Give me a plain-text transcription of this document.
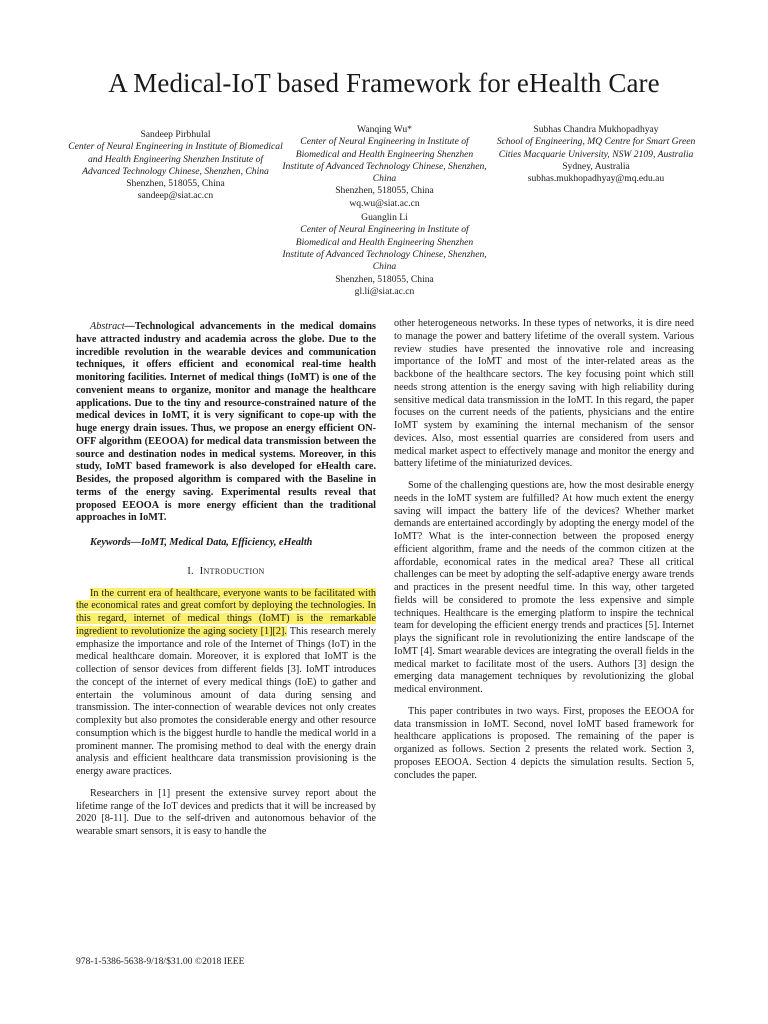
A Medical-IoT based Framework for eHealth Care
Sandeep Pirbhulal
Center of Neural Engineering in Institute of Biomedical and Health Engineering Shenzhen Institute of Advanced Technology Chinese, Shenzhen, China
Shenzhen, 518055, China
sandeep@siat.ac.cn
Wanqing Wu*
Center of Neural Engineering in Institute of Biomedical and Health Engineering Shenzhen Institute of Advanced Technology Chinese, Shenzhen, China
Shenzhen, 518055, China
wq.wu@siat.ac.cn
Guanglin Li
Center of Neural Engineering in Institute of Biomedical and Health Engineering Shenzhen Institute of Advanced Technology Chinese, Shenzhen, China
Shenzhen, 518055, China
gl.li@siat.ac.cn
Subhas Chandra Mukhopadhyay
School of Engineering, MQ Centre for Smart Green Cities Macquarie University, NSW 2109, Australia
Sydney, Australia
subhas.mukhopadhyay@mq.edu.au

Abstract—Technological advancements in the medical domains have attracted industry and academia across the globe. Due to the incredible revolution in the wearable devices and communication techniques, it offers efficient and economical real-time health monitoring facilities. Internet of medical things (IoMT) is one of the convenient means to organize, monitor and manage the healthcare applications. Due to the tiny and resource-constrained nature of the medical devices in IoMT, it is very significant to cope-up with the huge energy drain issues. Thus, we propose an energy efficient ON-OFF algorithm (EEOOA) for medical data transmission between the source and destination nodes in medical systems. Moreover, in this study, IoMT based framework is also developed for eHealth care. Besides, the proposed algorithm is compared with the Baseline in terms of the energy saving. Experimental results reveal that proposed EEOOA is more energy efficient than the traditional approaches in IoMT.

Keywords—IoMT, Medical Data, Efficiency, eHealth

I. Introduction

In the current era of healthcare, everyone wants to be facilitated with the economical rates and great comfort by deploying the technologies. In this regard, internet of medical things (IoMT) is the remarkable ingredient to revolutionize the aging society [1][2]. This research merely emphasize the importance and role of the Internet of Things (IoT) in the medical healthcare domain. Moreover, it is explored that IoMT is the collection of sensor devices from different fields [3]. IoMT introduces the concept of the internet of every medical things (IoE) to gather and entertain the voluminous amount of data during sensing and transmission. The inter-connection of wearable devices not only creates complexity but also promotes the considerable energy and other resource consumption which is the biggest hurdle to handle the medical world in a prominent manner. The promising method to deal with the energy drain analysis and efficient healthcare data transmission provisioning is the energy aware practices.

Researchers in [1] present the extensive survey report about the lifetime range of the IoT devices and predicts that it will be increased by 2020 [8-11]. Due to the self-driven and autonomous behavior of the wearable smart sensors, it is easy to handle the

other heterogeneous networks. In these types of networks, it is dire need to manage the power and battery lifetime of the overall system. Various review studies have presented the innovative role and increasing importance of the IoMT and most of the inter-related areas as the backbone of the healthcare sectors. The key focusing point which still needs strong attention is the energy saving with high reliability during sensitive medical data transmission in the IoMT. In this regard, the paper focuses on the current needs of the patients, physicians and the entire IoMT system by examining the internal mechanism of the sensor devices. Also, most essential quarries are considered from users and medical market aspect to effectively manage and monitor the energy and battery lifetime of the miniaturized devices.

Some of the challenging questions are, how the most desirable energy needs in the IoMT system are fulfilled? At how much extent the energy saving will impact the battery life of the devices? Whether market demands are entertained accordingly by adopting the energy model of the IoMT? What is the inter-connection between the proposed energy efficient algorithm, frame and the needs of the common citizen at the affordable, economical rates in the medical area? These all critical challenges can be meet by adopting the self-adaptive energy aware trends and practices in the present needful time. In this way, other targeted fields will be considered to promote the less expensive and simple techniques. Healthcare is the emerging platform to inspire the technical team for developing the efficient energy trends and practices [5]. Internet plays the significant role in revolutionizing the entire landscape of the IoMT [4]. Smart wearable devices are integrating the overall fields in the medical market to facilitate most of the users. Authors [3] design the emerging data management techniques by revolutionizing the global medical environment.

This paper contributes in two ways. First, proposes the EEOOA for data transmission in IoMT. Second, novel IoMT based framework for healthcare applications is proposed. The remaining of the paper is organized as follows. Section 2 presents the related work. Section 3, proposes EEOOA. Section 4 depicts the simulation results. Section 5, concludes the paper.

978-1-5386-5638-9/18/$31.00 ©2018 IEEE
